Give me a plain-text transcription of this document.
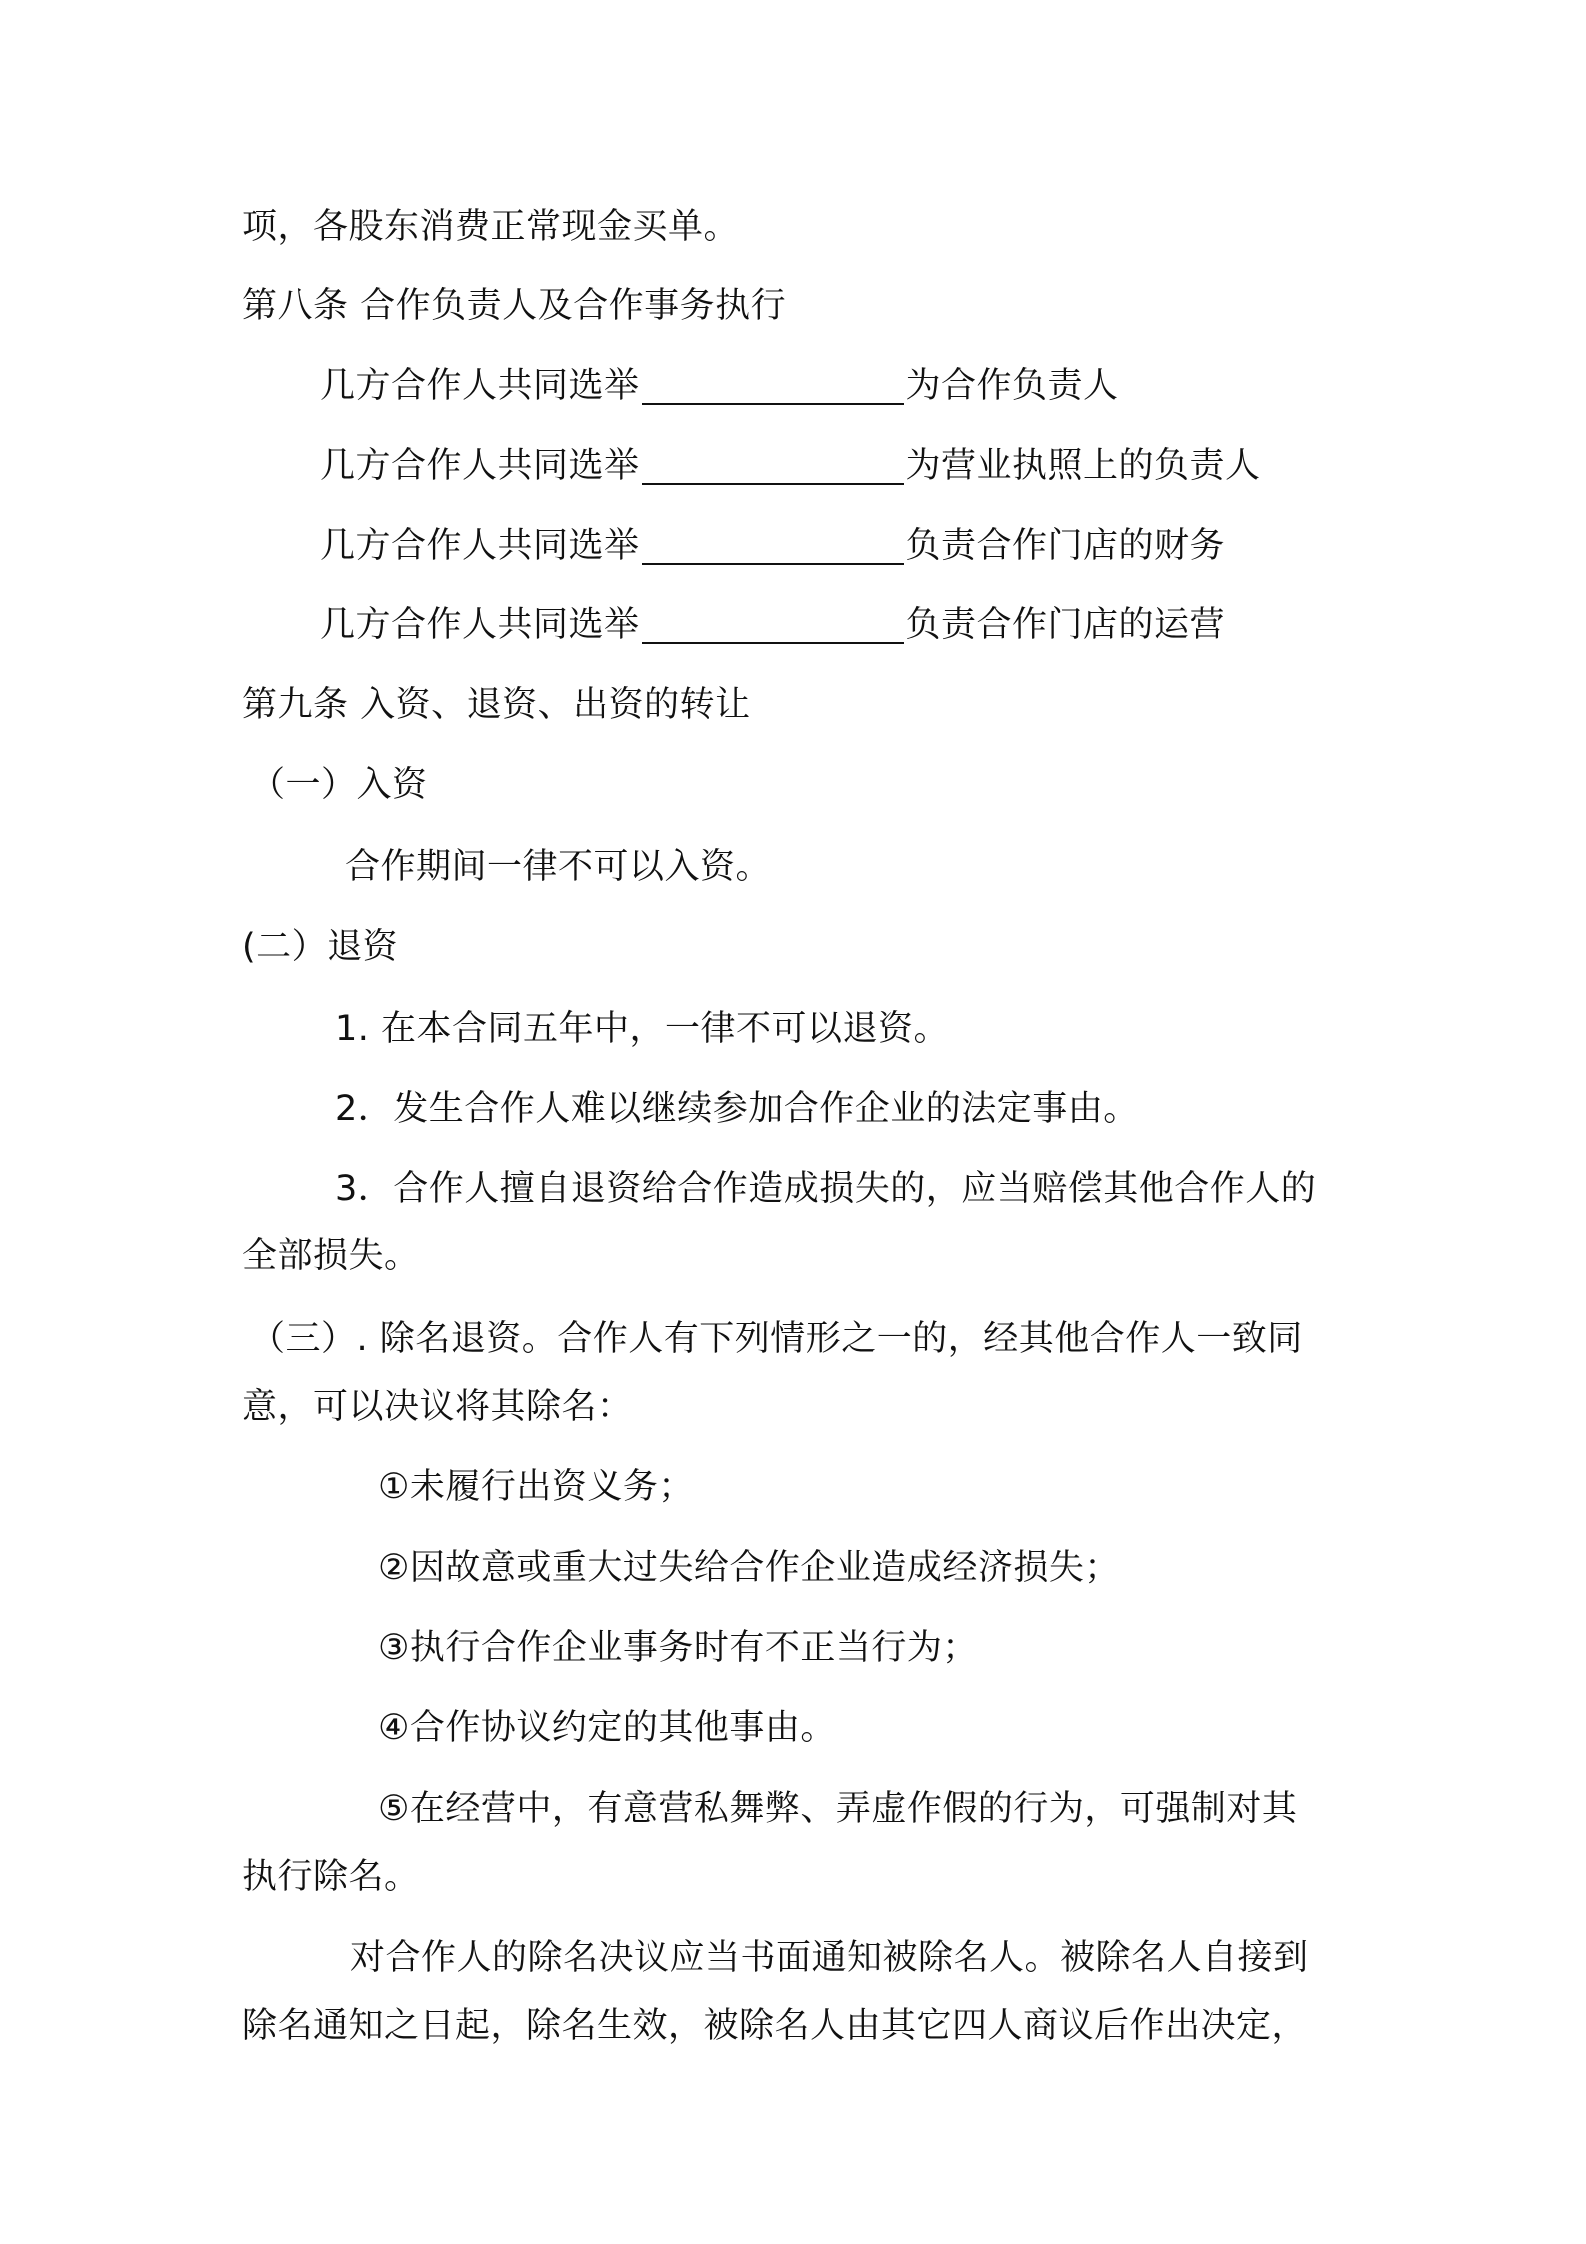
项，各股东消费正常现金买单。
第八条 合作负责人及合作事务执行
几方合作人共同选举	为合作负责人
几方合作人共同选举	为营业执照上的负责人
几方合作人共同选举	负责合作门店的财务
几方合作人共同选举	负责合作门店的运营
第九条 入资、退资、出资的转让
（一）入资
合作期间一律不可以入资。
(二）退资
1. 在本合同五年中，一律不可以退资。
2．发生合作人难以继续参加合作企业的法定事由。
3．合作人擅自退资给合作造成损失的，应当赔偿其他合作人的
全部损失。
（三）. 除名退资。合作人有下列情形之一的，经其他合作人一致同
意，可以决议将其除名：
①未履行出资义务；
②因故意或重大过失给合作企业造成经济损失；
③执行合作企业事务时有不正当行为；
④合作协议约定的其他事由。
⑤在经营中，有意营私舞弊、弄虚作假的行为，可强制对其
执行除名。
对合作人的除名决议应当书面通知被除名人。被除名人自接到
除名通知之日起，除名生效，被除名人由其它四人商议后作出决定，
